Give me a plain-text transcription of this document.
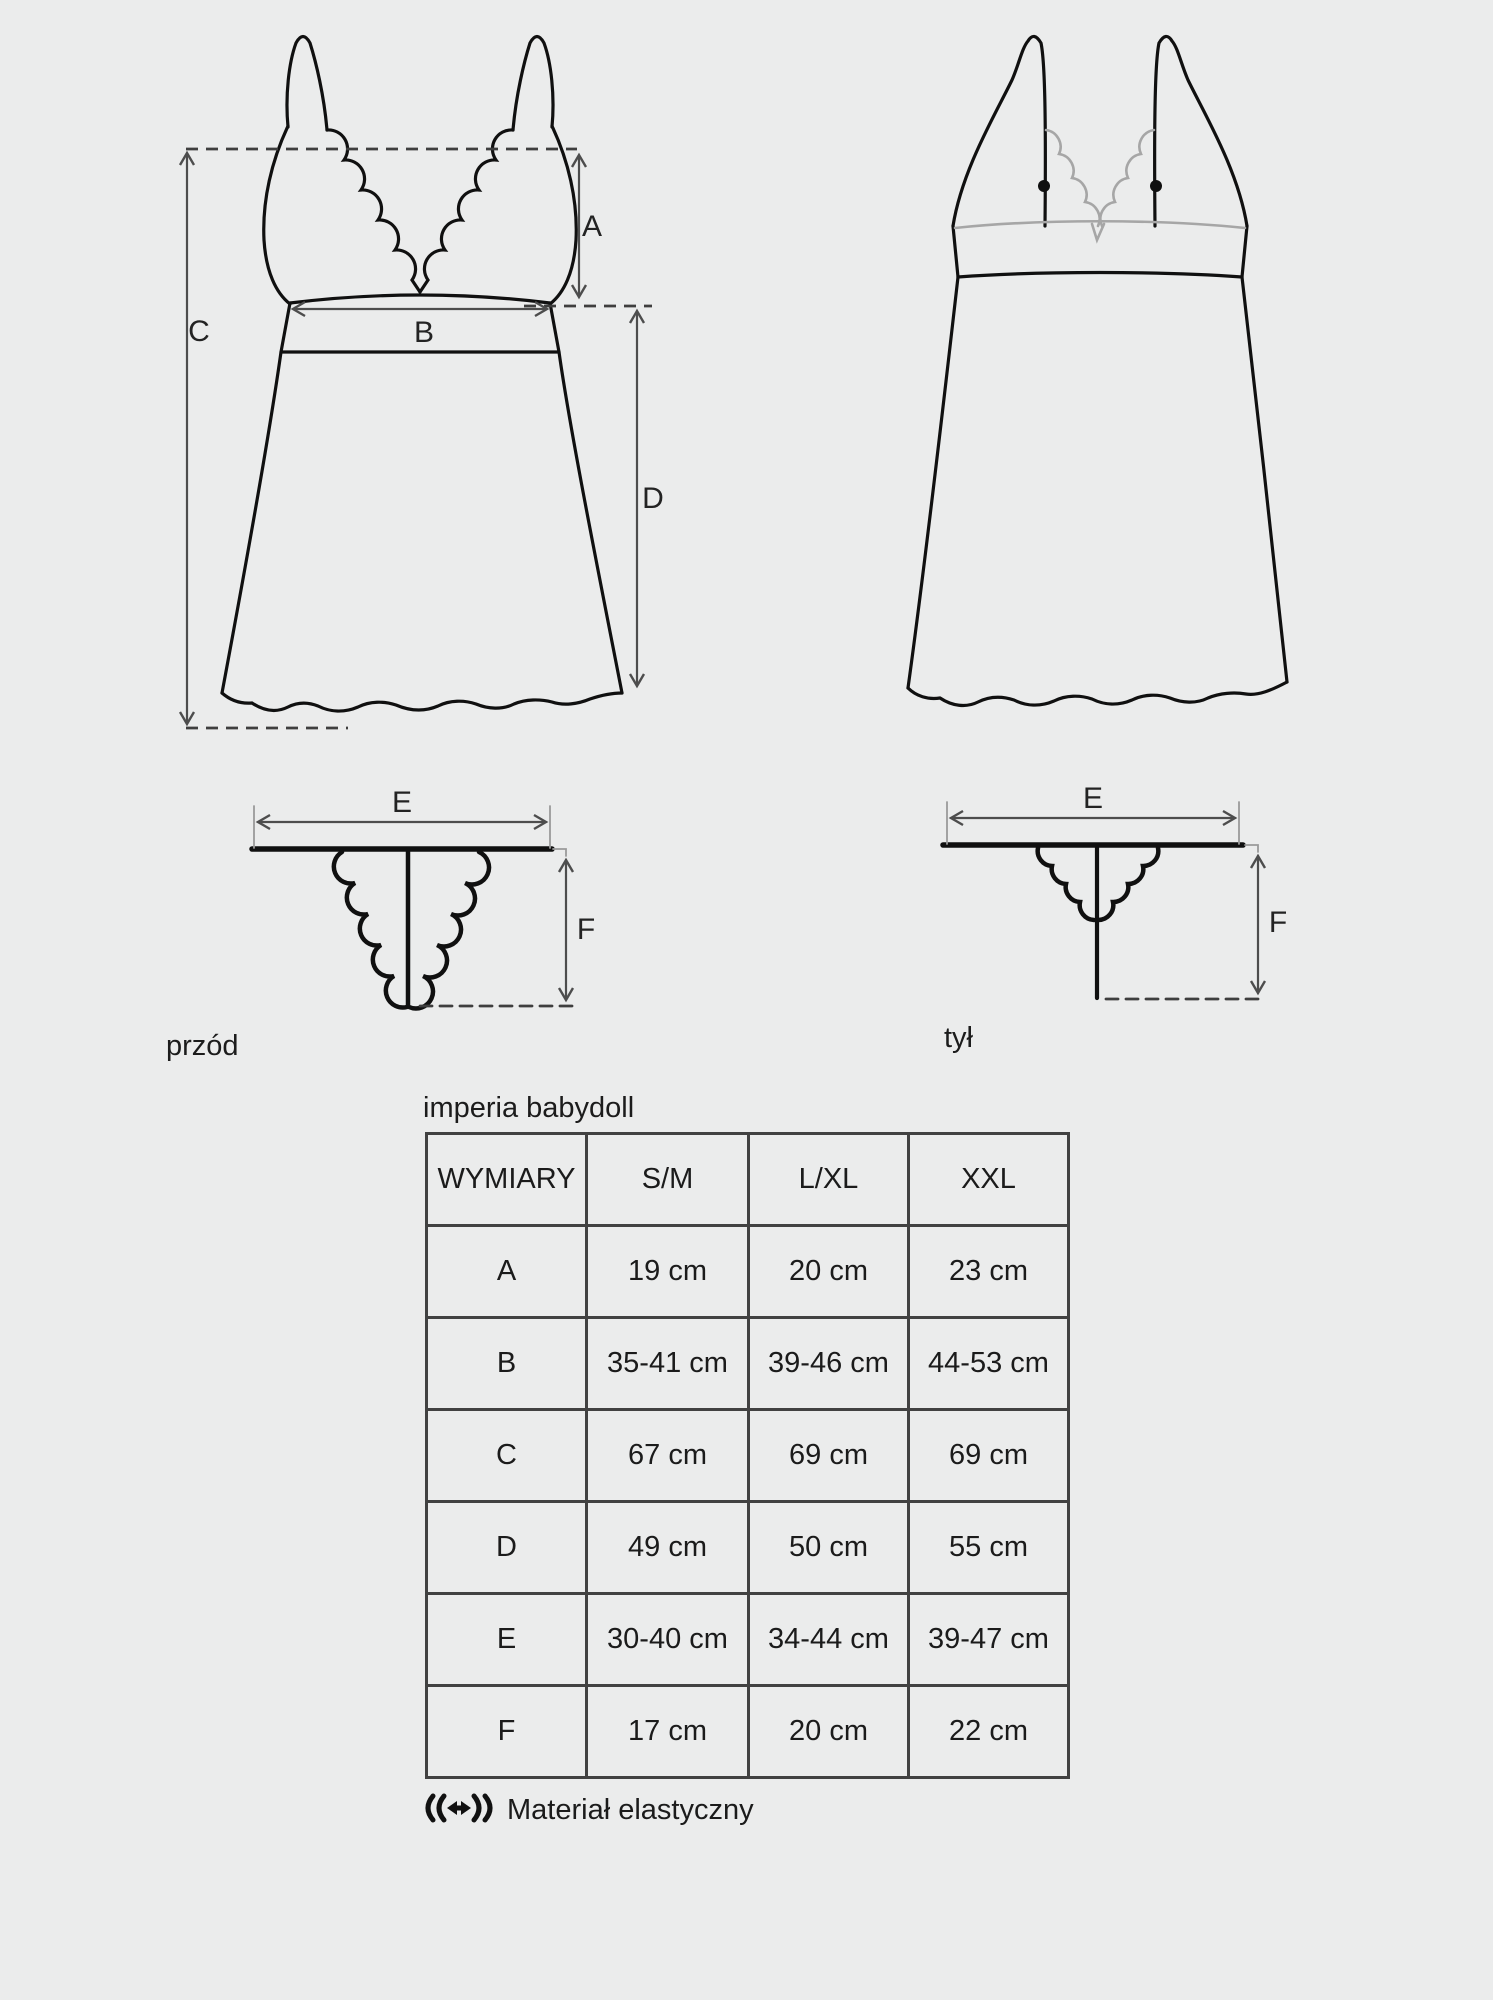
A
B
C
D
E
F
E
F
przód	tył
imperia babydoll
WYMIARY	S/M	L/XL	XXL
A	19 cm	20 cm	23 cm
B	35-41 cm	39-46 cm	44-53 cm
C	67 cm	69 cm	69 cm
D	49 cm	50 cm	55 cm
E	30-40 cm	34-44 cm	39-47 cm
F	17 cm	20 cm	22 cm
Materiał elastyczny
